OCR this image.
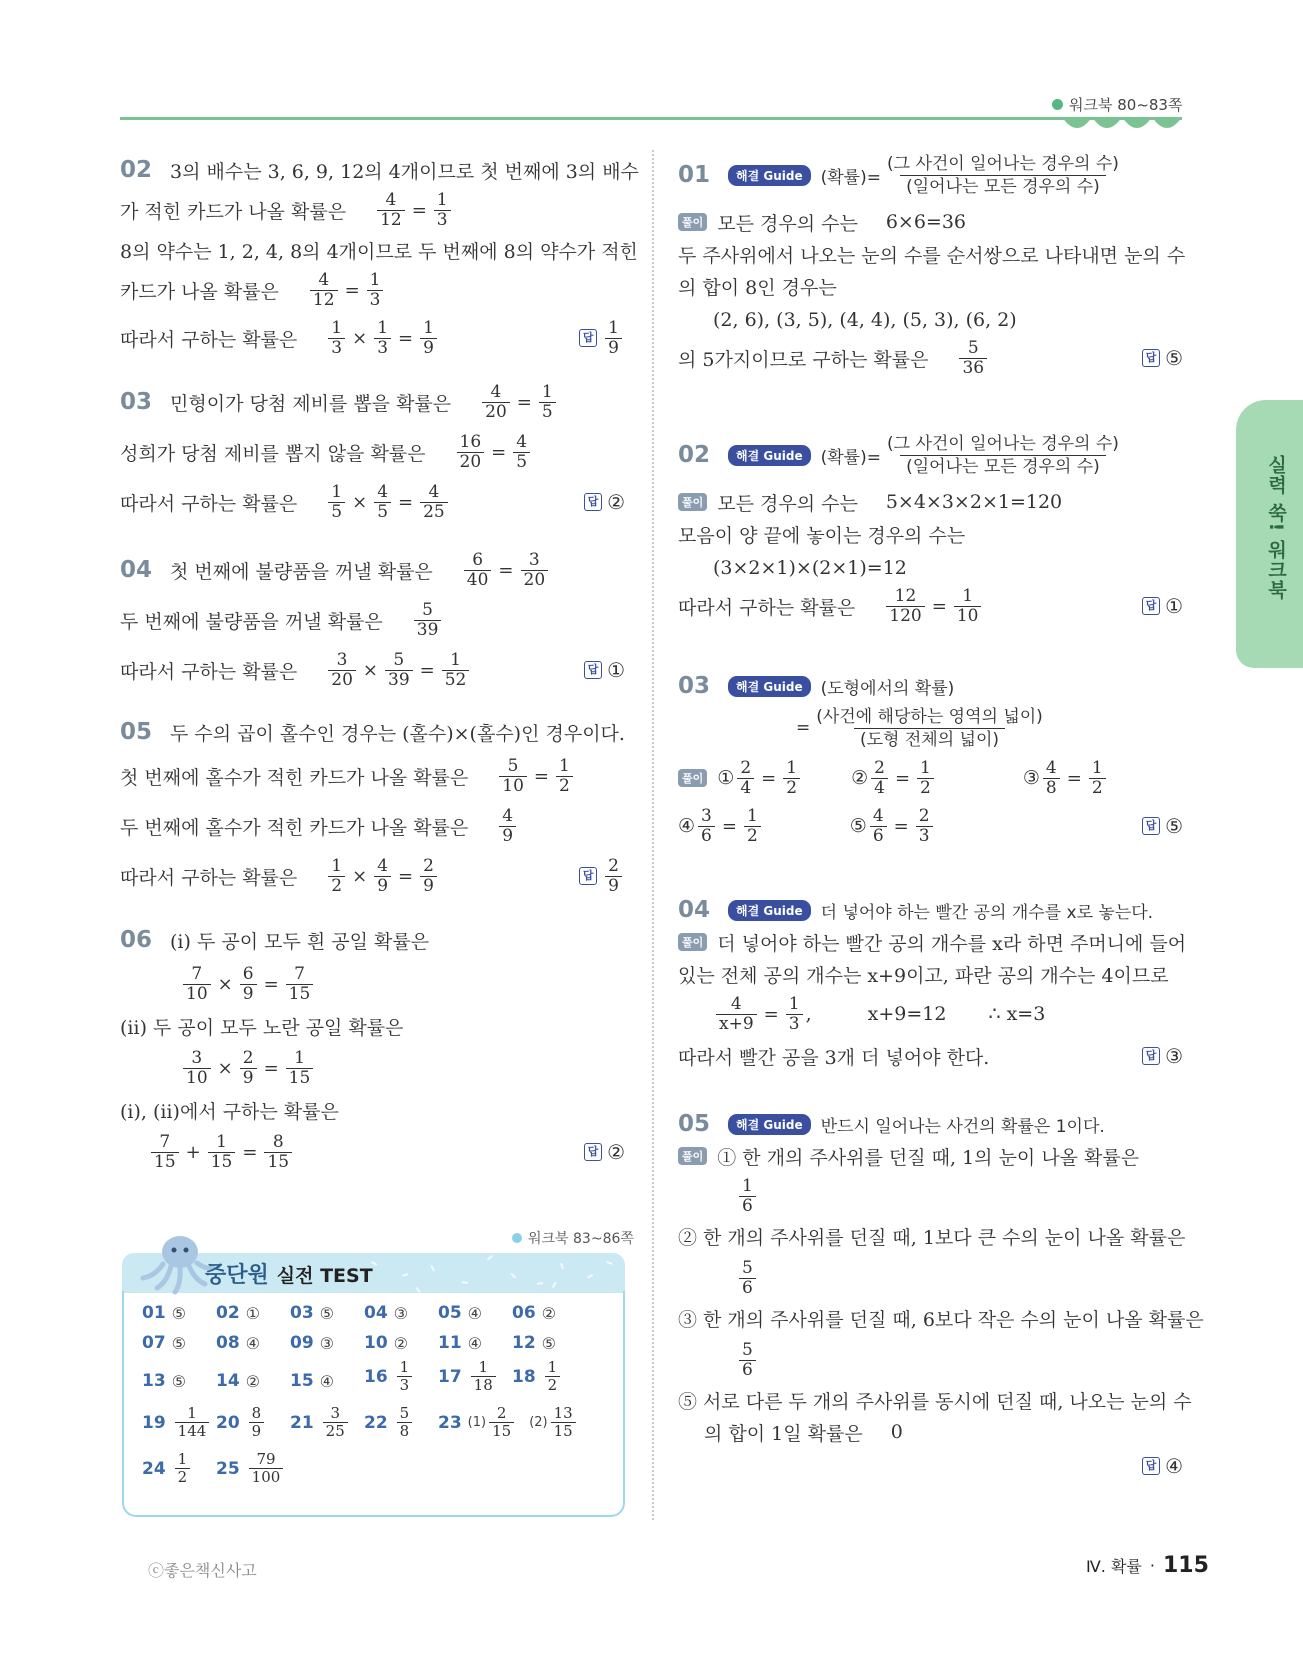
워크북 80~83쪽
02 3의 배수는 3, 6, 9, 12의 4개이므로 첫 번째에 3의 배수
가 적힌 카드가 나올 확률은 $\frac{4}{12} = \frac{1}{3}$
8의 약수는 1, 2, 4, 8의 4개이므로 두 번째에 8의 약수가 적힌
카드가 나올 확률은 $\frac{4}{12} = \frac{1}{3}$
따라서 구하는 확률은 $\frac{1}{3} \times \frac{1}{3} = \frac{1}{9}$	답 $\frac{1}{9}$
03 민형이가 당첨 제비를 뽑을 확률은 $\frac{4}{20} = \frac{1}{5}$
성희가 당첨 제비를 뽑지 않을 확률은 $\frac{16}{20} = \frac{4}{5}$
따라서 구하는 확률은 $\frac{1}{5} \times \frac{4}{5} = \frac{4}{25}$	답 ②
04 첫 번째에 불량품을 꺼낼 확률은 $\frac{6}{40} = \frac{3}{20}$
두 번째에 불량품을 꺼낼 확률은 $\frac{5}{39}$
따라서 구하는 확률은 $\frac{3}{20} \times \frac{5}{39} = \frac{1}{52}$	답 ①
05 두 수의 곱이 홀수인 경우는 (홀수)×(홀수)인 경우이다.
첫 번째에 홀수가 적힌 카드가 나올 확률은 $\frac{5}{10} = \frac{1}{2}$
두 번째에 홀수가 적힌 카드가 나올 확률은 $\frac{4}{9}$
따라서 구하는 확률은 $\frac{1}{2} \times \frac{4}{9} = \frac{2}{9}$	답 $\frac{2}{9}$
06 (ⅰ) 두 공이 모두 흰 공일 확률은
$\frac{7}{10} \times \frac{6}{9} = \frac{7}{15}$
(ⅱ) 두 공이 모두 노란 공일 확률은
$\frac{3}{10} \times \frac{2}{9} = \frac{1}{15}$
(ⅰ), (ⅱ)에서 구하는 확률은
$\frac{7}{15} + \frac{1}{15} = \frac{8}{15}$	답 ②
워크북 83~86쪽
중단원 실전 TEST
01 ⑤ 02 ① 03 ⑤ 04 ③ 05 ④ 06 ②
07 ⑤ 08 ④ 09 ③ 10 ② 11 ④ 12 ⑤
13 ⑤ 14 ② 15 ④ $16 \frac{1}{3} 17 \frac{1}{18} 18 \frac{1}{2}$
$19 \frac{1}{144} 20 \frac{8}{9} 21 \frac{3}{25} 22 \frac{5}{8} 23$ $(1) \frac{2}{15} (2) \frac{13}{15}$
$24 \frac{1}{2} 25 \frac{79}{100}$
01	해결 Guide	(확률)= $\frac{\text{(그 사건이 일어나는 경우의 수)}}{\text{(일어나는 모든 경우의 수)}}$
풀이 모든 경우의 수는 6×6=36
두 주사위에서 나오는 눈의 수를 순서쌍으로 나타내면 눈의 수
의 합이 8인 경우는
(2, 6), (3, 5), (4, 4), (5, 3), (6, 2)
의 5가지이므로 구하는 확률은 $\frac{5}{36}$	답 ⑤
02	해결 Guide	(확률)= $\frac{\text{(그 사건이 일어나는 경우의 수)}}{\text{(일어나는 모든 경우의 수)}}$
풀이 모든 경우의 수는 5×4×3×2×1=120
모음이 양 끝에 놓이는 경우의 수는
(3×2×1)×(2×1)=12
따라서 구하는 확률은 $\frac{12}{120} = \frac{1}{10}$	답 ①
03	해결 Guide	(도형에서의 확률)
= $\frac{\text{(사건에 해당하는 영역의 넓이)}}{\text{(도형 전체의 넓이)}}$
풀이 ① $\frac{2}{4} = \frac{1}{2}$	② $\frac{2}{4} = \frac{1}{2}$	③ $\frac{4}{8} = \frac{1}{2}$
④ $\frac{3}{6} = \frac{1}{2}$	⑤ $\frac{4}{6} = \frac{2}{3}$	답 ⑤
04	해결 Guide	더 넣어야 하는 빨간 공의 개수를 x로 놓는다.
풀이 더 넣어야 하는 빨간 공의 개수를 x라 하면 주머니에 들어
있는 전체 공의 개수는 x+9이고, 파란 공의 개수는 4이므로
$\frac{4}{x+9} = \frac{1}{3}$ ,	x+9=12 ∴ x=3
따라서 빨간 공을 3개 더 넣어야 한다.	답 ③
05	해결 Guide	반드시 일어나는 사건의 확률은 1이다.
풀이 ① 한 개의 주사위를 던질 때, 1의 눈이 나올 확률은
$\frac{1}{6}$
② 한 개의 주사위를 던질 때, 1보다 큰 수의 눈이 나올 확률은
$\frac{5}{6}$
③ 한 개의 주사위를 던질 때, 6보다 작은 수의 눈이 나올 확률은
$\frac{5}{6}$
⑤ 서로 다른 두 개의 주사위를 동시에 던질 때, 나오는 눈의 수
의 합이 1일 확률은 0
답 ④
실력 쑥! 워크북
ⓒ좋은책신사고	Ⅳ. 확률 · 115
